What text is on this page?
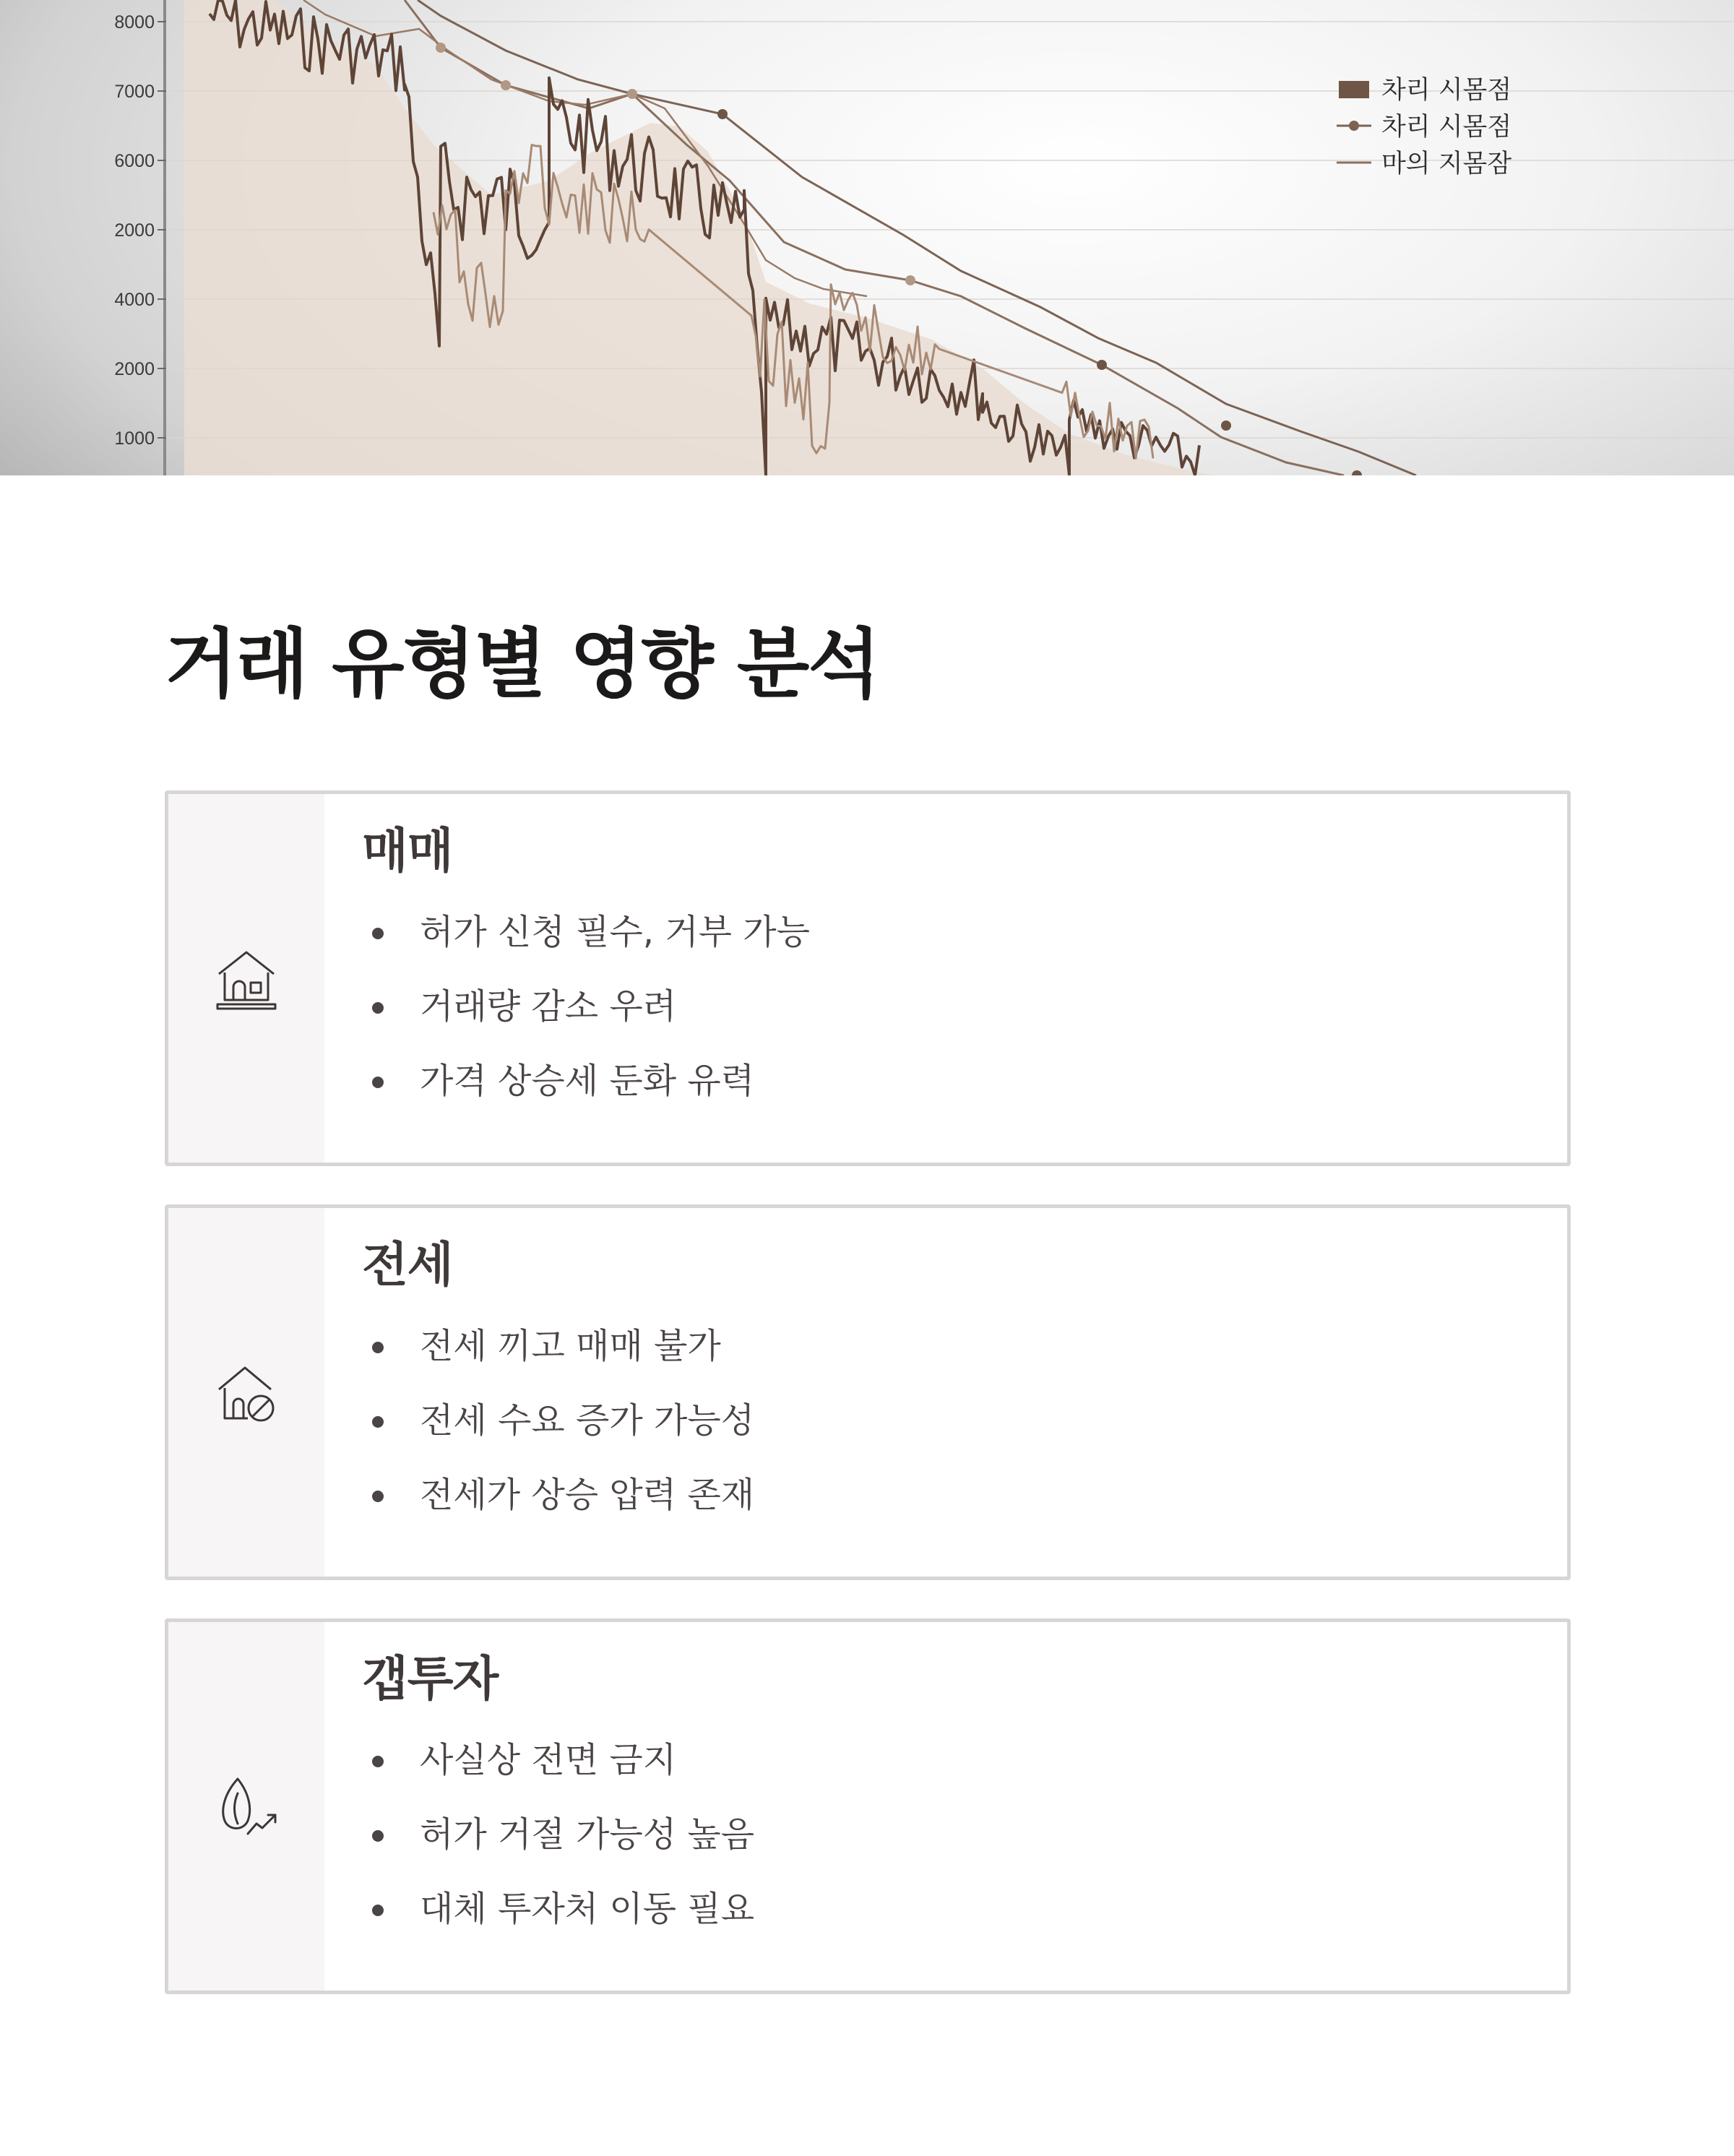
8000
7000
6000
2000
4000
2000
1000
차리 시몸점
차리 시몸점
마의 지몸잠
거래 유형별 영향 분석
매매
허가 신청 필수, 거부 가능
거래량 감소 우려
가격 상승세 둔화 유력
전세
전세 끼고 매매 불가
전세 수요 증가 가능성
전세가 상승 압력 존재
갭투자
사실상 전면 금지
허가 거절 가능성 높음
대체 투자처 이동 필요
